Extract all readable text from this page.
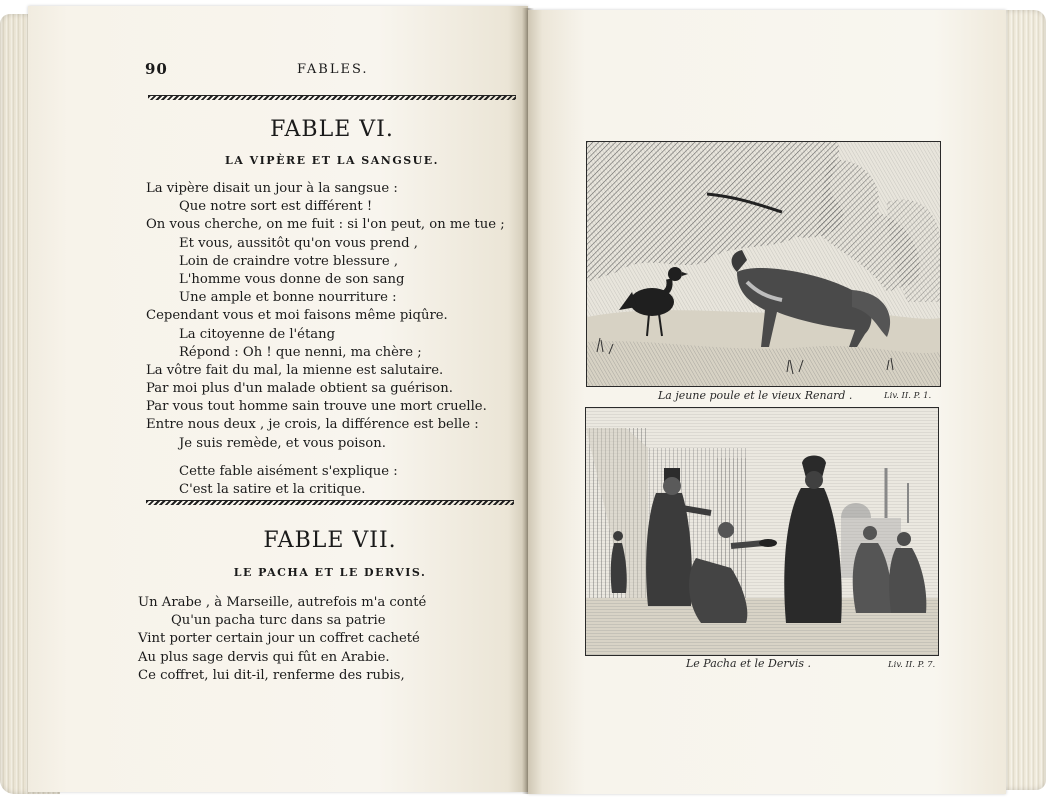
90	FABLES.
FABLE VI.
LA VIPÈRE ET LA SANGSUE.
La vipère disait un jour à la sangsue :
Que notre sort est différent !
On vous cherche, on me fuit : si l'on peut, on me tue ;
Et vous, aussitôt qu'on vous prend ,
Loin de craindre votre blessure ,
L'homme vous donne de son sang
Une ample et bonne nourriture :
Cependant vous et moi faisons même piqûre.
La citoyenne de l'étang
Répond : Oh ! que nenni, ma chère ;
La vôtre fait du mal, la mienne est salutaire.
Par moi plus d'un malade obtient sa guérison.
Par vous tout homme sain trouve une mort cruelle.
Entre nous deux , je crois, la différence est belle :
Je suis remède, et vous poison.
Cette fable aisément s'explique :
C'est la satire et la critique.
FABLE VII.
LE PACHA ET LE DERVIS.
Un Arabe , à Marseille, autrefois m'a conté
Qu'un pacha turc dans sa patrie
Vint porter certain jour un coffret cacheté
Au plus sage dervis qui fût en Arabie.
Ce coffret, lui dit-il, renferme des rubis,
La jeune poule et le vieux Renard .	Liv. II. P. 1.
Le Pacha et le Dervis .	Liv. II. P. 7.
